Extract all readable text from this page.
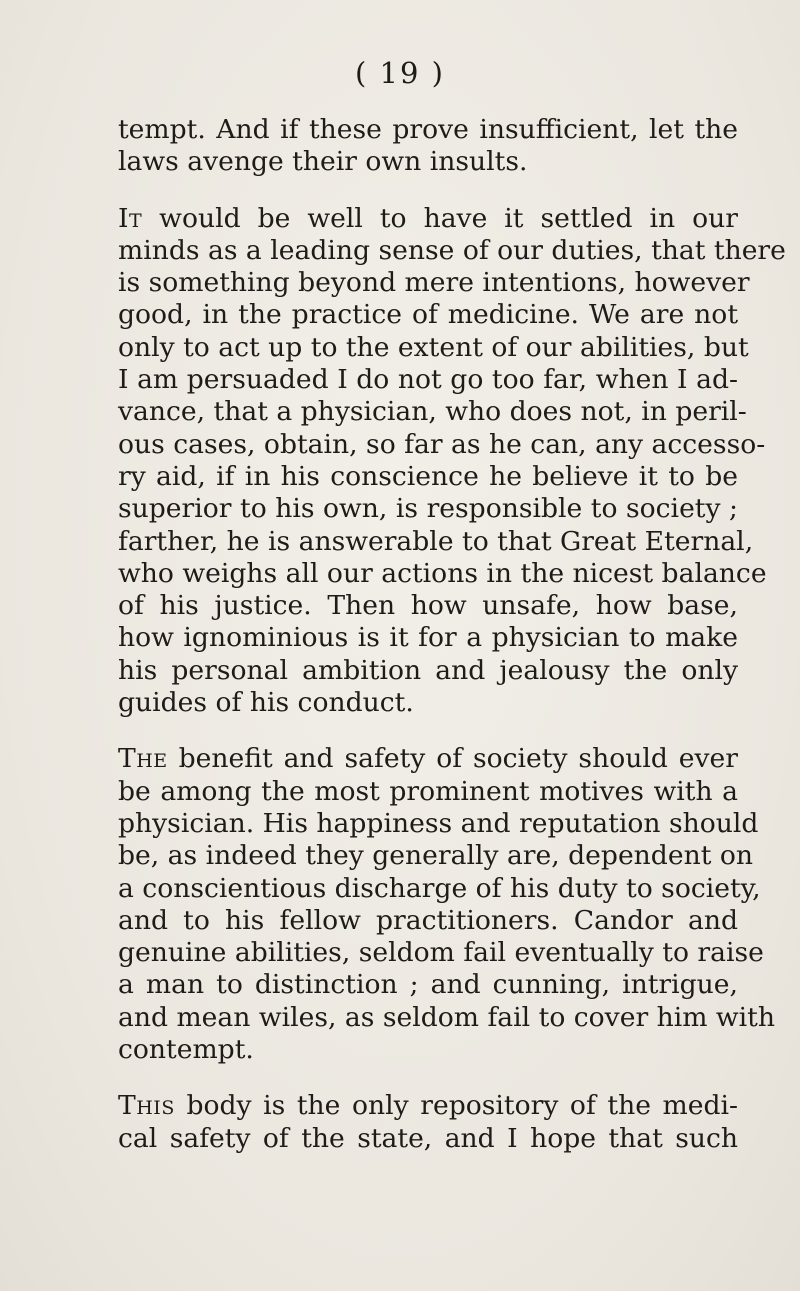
( 19 )

tempt. And if these prove insufficient, let the
laws avenge their own insults.

It would be well to have it settled in our
minds as a leading sense of our duties, that there
is something beyond mere intentions, however
good, in the practice of medicine. We are not
only to act up to the extent of our abilities, but
I am persuaded I do not go too far, when I ad-
vance, that a physician, who does not, in peril-
ous cases, obtain, so far as he can, any accesso-
ry aid, if in his conscience he believe it to be
superior to his own, is responsible to society ;
farther, he is answerable to that Great Eternal,
who weighs all our actions in the nicest balance
of his justice. Then how unsafe, how base,
how ignominious is it for a physician to make
his personal ambition and jealousy the only
guides of his conduct.

The benefit and safety of society should ever
be among the most prominent motives with a
physician. His happiness and reputation should
be, as indeed they generally are, dependent on
a conscientious discharge of his duty to society,
and to his fellow practitioners. Candor and
genuine abilities, seldom fail eventually to raise
a man to distinction ; and cunning, intrigue,
and mean wiles, as seldom fail to cover him with
contempt.

This body is the only repository of the medi-
cal safety of the state, and I hope that such
